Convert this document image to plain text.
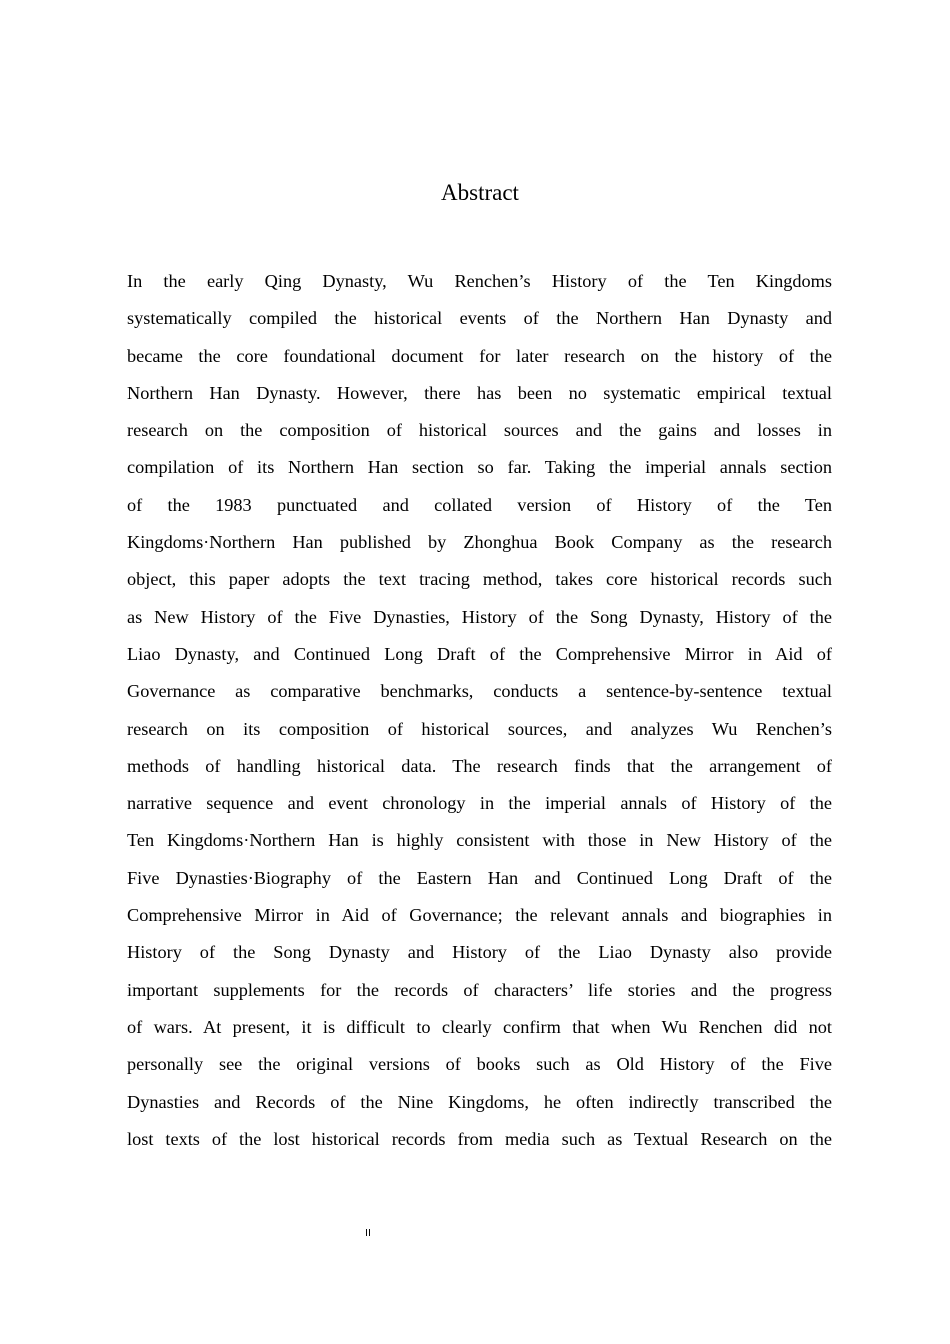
Abstract
In the early Qing Dynasty, Wu Renchen’s History of the Ten Kingdoms
systematically compiled the historical events of the Northern Han Dynasty and
became the core foundational document for later research on the history of the
Northern Han Dynasty. However, there has been no systematic empirical textual
research on the composition of historical sources and the gains and losses in
compilation of its Northern Han section so far. Taking the imperial annals section
of the 1983 punctuated and collated version of History of the Ten
Kingdoms·Northern Han published by Zhonghua Book Company as the research
object, this paper adopts the text tracing method, takes core historical records such
as New History of the Five Dynasties, History of the Song Dynasty, History of the
Liao Dynasty, and Continued Long Draft of the Comprehensive Mirror in Aid of
Governance as comparative benchmarks, conducts a sentence-by-sentence textual
research on its composition of historical sources, and analyzes Wu Renchen’s
methods of handling historical data. The research finds that the arrangement of
narrative sequence and event chronology in the imperial annals of History of the
Ten Kingdoms·Northern Han is highly consistent with those in New History of the
Five Dynasties·Biography of the Eastern Han and Continued Long Draft of the
Comprehensive Mirror in Aid of Governance; the relevant annals and biographies in
History of the Song Dynasty and History of the Liao Dynasty also provide
important supplements for the records of characters’ life stories and the progress
of wars. At present, it is difficult to clearly confirm that when Wu Renchen did not
personally see the original versions of books such as Old History of the Five
Dynasties and Records of the Nine Kingdoms, he often indirectly transcribed the
lost texts of the lost historical records from media such as Textual Research on the
II
